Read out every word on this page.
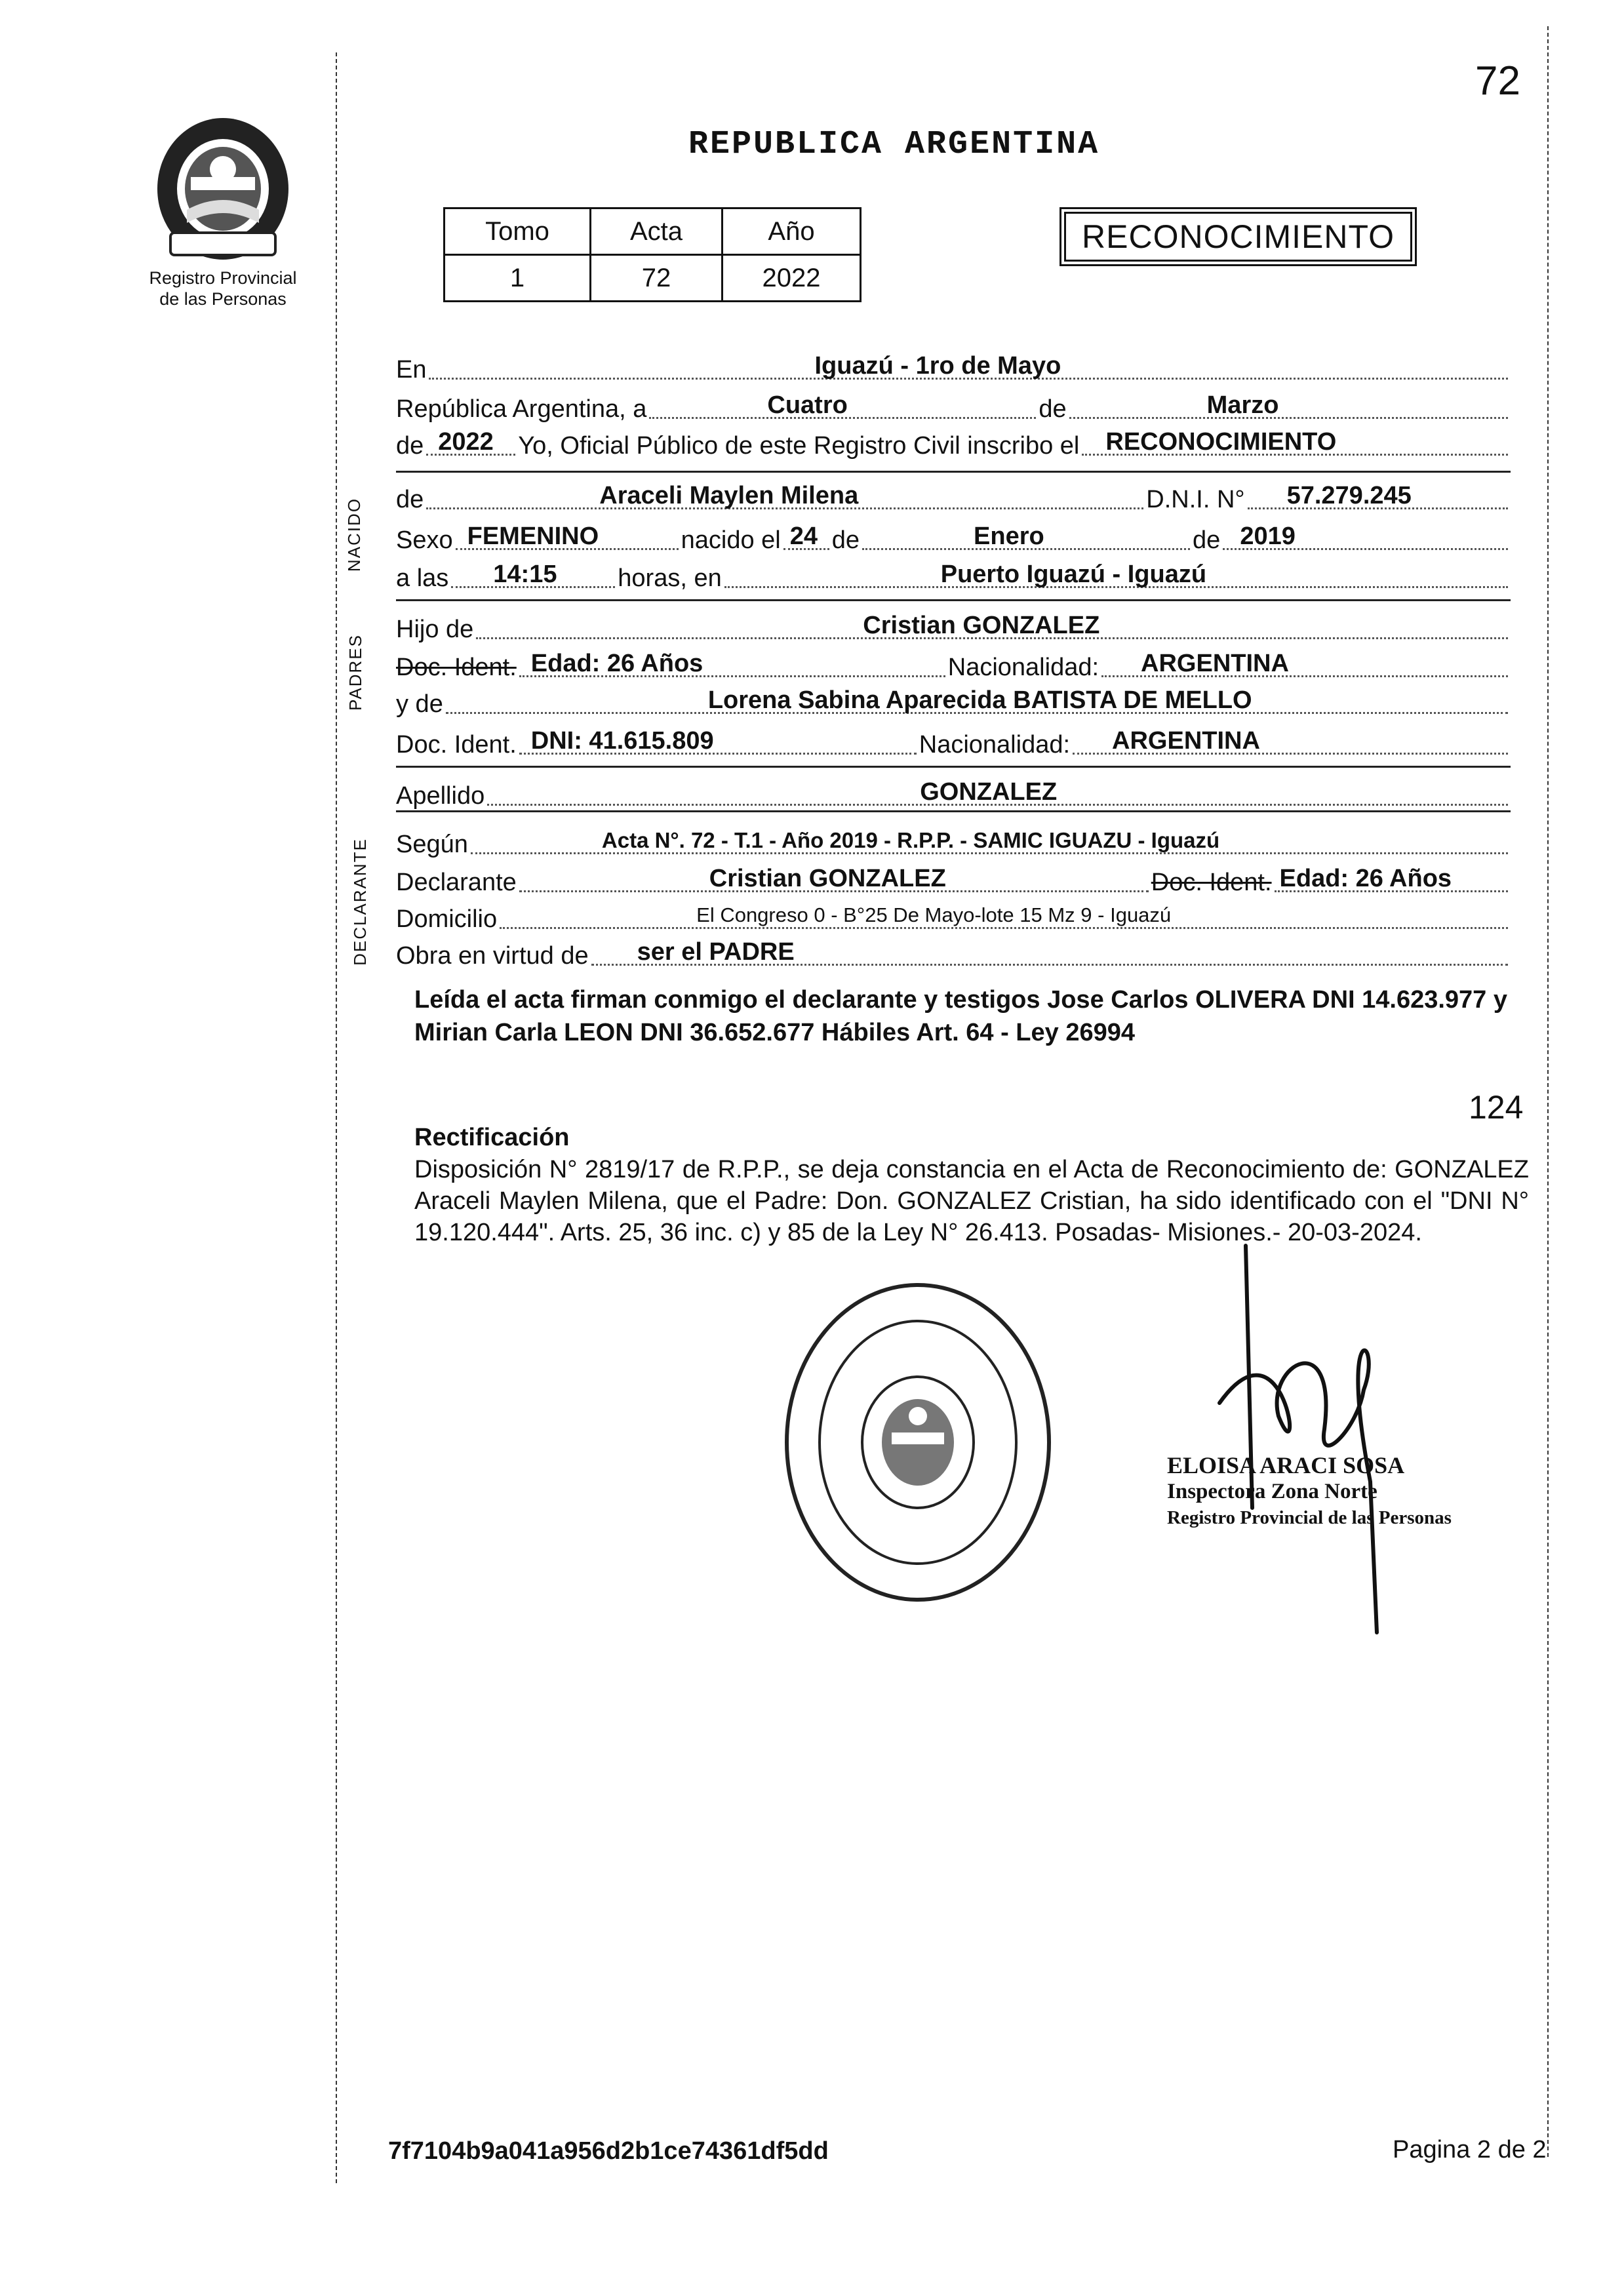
72
Registro Provincial
de las Personas
REPUBLICA ARGENTINA
Tomo	Acta	Año
1	72	2022
RECONOCIMIENTO
NACIDO
PADRES
DECLARANTE
En	Iguazú - 1ro de Mayo
República Argentina, a	Cuatro	de	Marzo
de 2022 Yo, Oficial Público de este Registro Civil inscribo el RECONOCIMIENTO
de	Araceli Maylen Milena	D.N.I. N° 57.279.245
Sexo FEMENINO	nacido el 24 de	Enero	de 2019
a las 14:15 horas, en	Puerto Iguazú - Iguazú
Hijo de	Cristian GONZALEZ
Doc. Ident. Edad: 26 Años	Nacionalidad: ARGENTINA
y de	Lorena Sabina Aparecida BATISTA DE MELLO
Doc. Ident. DNI: 41.615.809	Nacionalidad: ARGENTINA
Apellido	GONZALEZ
Según	Acta N°. 72 - T.1 - Año 2019 - R.P.P. - SAMIC IGUAZU - Iguazú
Declarante	Cristian GONZALEZ	Doc. Ident. Edad: 26 Años
Domicilio	El Congreso 0 - B°25 De Mayo-lote 15 Mz 9 - Iguazú
Obra en virtud de ser el PADRE
Leída el acta firman conmigo el declarante y testigos Jose Carlos OLIVERA DNI 14.623.977 y Mirian Carla LEON DNI 36.652.677 Hábiles Art. 64 - Ley 26994
124
Rectificación
Disposición N° 2819/17 de R.P.P., se deja constancia en el Acta de Reconocimiento de: GONZALEZ Araceli Maylen Milena, que el Padre: Don. GONZALEZ Cristian, ha sido identificado con el "DNI N° 19.120.444". Arts. 25, 36 inc. c) y 85 de la Ley N° 26.413. Posadas- Misiones.- 20-03-2024.
ELOISA ARACI SOSA
Inspectora Zona Norte
Registro Provincial de las Personas
7f7104b9a041a956d2b1ce74361df5dd	Pagina 2 de 2
